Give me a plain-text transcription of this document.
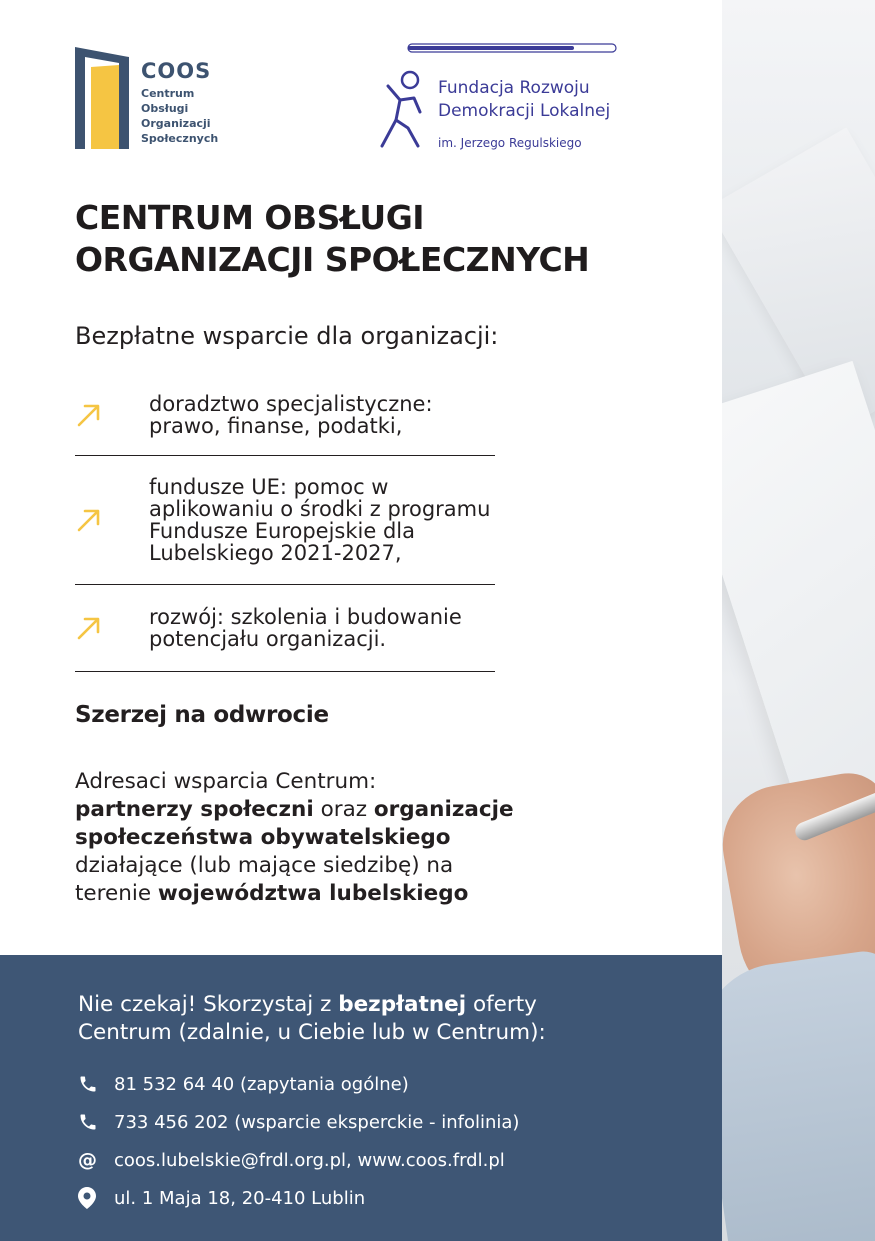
COOS
Centrum
Obsługi
Organizacji
Społecznych
Fundacja Rozwoju
Demokracji Lokalnej
im. Jerzego Regulskiego
CENTRUM OBSŁUGI
ORGANIZACJI SPOŁECZNYCH
Bezpłatne wsparcie dla organizacji:
doradztwo specjalistyczne:
prawo, finanse, podatki,
fundusze UE: pomoc w
aplikowaniu o środki z programu
Fundusze Europejskie dla
Lubelskiego 2021-2027,
rozwój: szkolenia i budowanie
potencjału organizacji.
Szerzej na odwrocie
Adresaci wsparcia Centrum:
partnerzy społeczni oraz organizacje
społeczeństwa obywatelskiego
działające (lub mające siedzibę) na
terenie województwa lubelskiego
Nie czekaj! Skorzystaj z bezpłatnej oferty
Centrum (zdalnie, u Ciebie lub w Centrum):
81 532 64 40 (zapytania ogólne)
733 456 202 (wsparcie eksperckie - infolinia)
@ coos.lubelskie@frdl.org.pl, www.coos.frdl.pl
ul. 1 Maja 18, 20-410 Lublin
